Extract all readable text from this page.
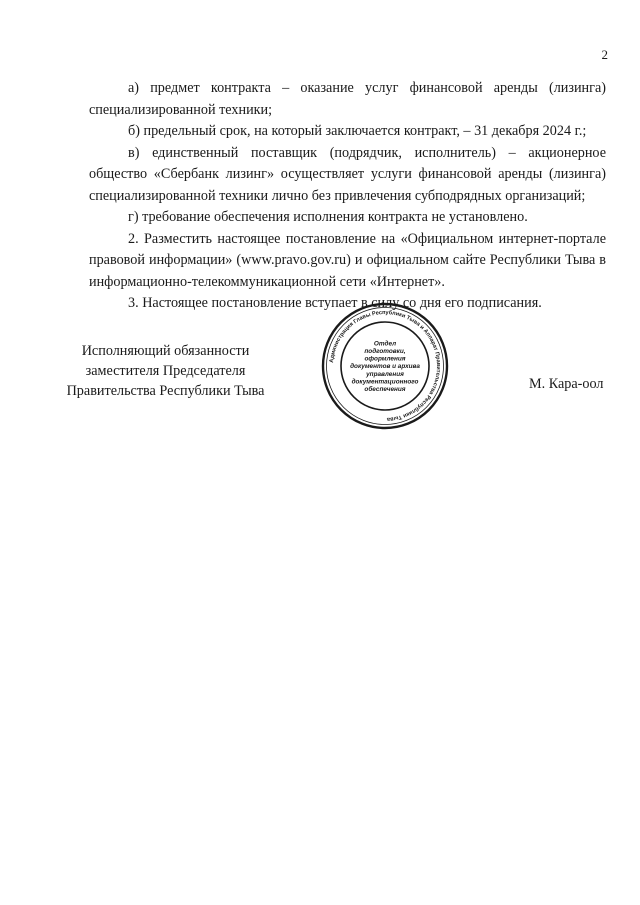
2

а) предмет контракта – оказание услуг финансовой аренды (лизинга) специализированной техники;

б) предельный срок, на который заключается контракт, – 31 декабря 2024 г.;

в) единственный поставщик (подрядчик, исполнитель) – акционерное общество «Сбербанк лизинг» осуществляет услуги финансовой аренды (лизинга) специализированной техники лично без привлечения субподрядных организаций;

г) требование обеспечения исполнения контракта не установлено.

2. Разместить настоящее постановление на «Официальном интернет-портале правовой информации» (www.pravo.gov.ru) и официальном сайте Республики Тыва в информационно-телекоммуникационной сети «Интернет».

3. Настоящее постановление вступает в силу со дня его подписания.

Исполняющий обязанности
заместителя Председателя
Правительства Республики Тыва
Администрация Главы Республики Тыва и Аппарат Правительства Республики Тыва
Отдел
подготовки,
оформления
документов и архива
управления
документационного
обеспечения	М. Кара-оол
